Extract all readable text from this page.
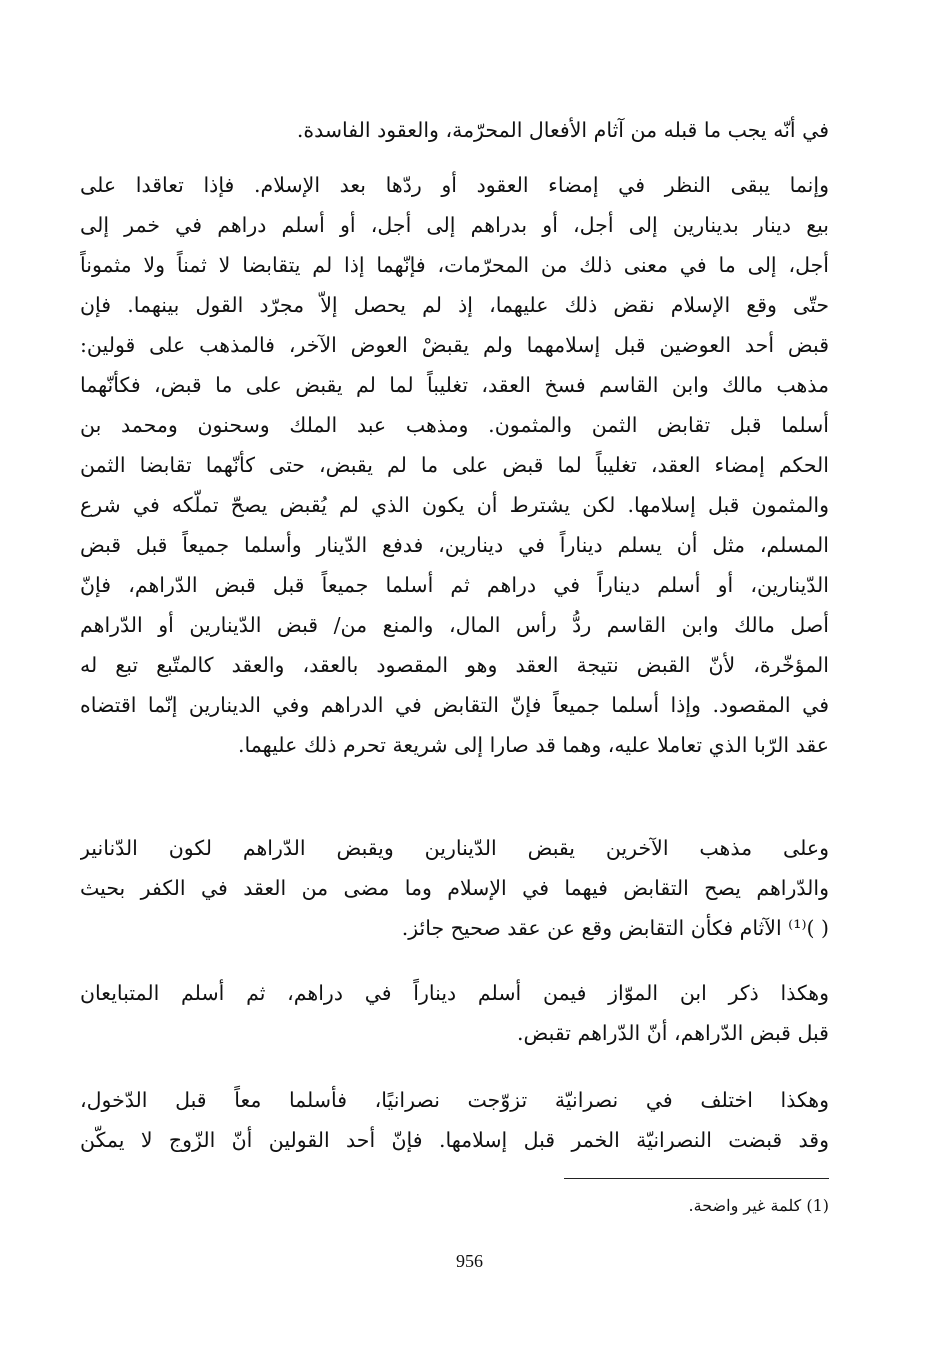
في أنّه يجب ما قبله من آثام الأفعال المحرّمة، والعقود الفاسدة.
وإنما يبقى النظر في إمضاء العقود أو ردّها بعد الإسلام. فإذا تعاقدا على
بيع دينار بدينارين إلى أجل، أو بدراهم إلى أجل، أو أسلم دراهم في خمر إلى
أجل، إلى ما في معنى ذلك من المحرّمات، فإنّهما إذا لم يتقابضا لا ثمناً ولا مثموناً
حتّى وقع الإسلام نقض ذلك عليهما، إذ لم يحصل إلاّ مجرّد القول بينهما. فإن
قبض أحد العوضين قبل إسلامهما ولم يقبضْ العوض الآخر، فالمذهب على قولين:
مذهب مالك وابن القاسم فسخ العقد، تغليباً لما لم يقبض على ما قبض، فكأنّهما
أسلما قبل تقابض الثمن والمثمون. ومذهب عبد الملك وسحنون ومحمد بن
الحكم إمضاء العقد، تغليباً لما قبض على ما لم يقبض، حتى كأنّهما تقابضا الثمن
والمثمون قبل إسلامها. لكن يشترط أن يكون الذي لم يُقبض يصحّ تملّكه في شرع
المسلم، مثل أن يسلم ديناراً في دينارين، فدفع الدّينار وأسلما جميعاً قبل قبض
الدّينارين، أو أسلم ديناراً في دراهم ثم أسلما جميعاً قبل قبض الدّراهم، فإنّ
أصل مالك وابن القاسم ردُّ رأس المال، والمنع من/ قبض الدّينارين أو الدّراهم
المؤخّرة، لأنّ القبض نتيجة العقد وهو المقصود بالعقد، والعقد كالمتّبع تبع له
في المقصود. وإذا أسلما جميعاً فإنّ التقابض في الدراهم وفي الدينارين إنّما اقتضاه
عقد الرّبا الذي تعاملا عليه، وهما قد صارا إلى شريعة تحرم ذلك عليهما.
وعلى مذهب الآخرين يقبض الدّينارين ويقبض الدّراهم لكون الدّنانير
والدّراهم يصح التقابض فيهما في الإسلام وما مضى من العقد في الكفر بحيث
( )⁽¹⁾ الآثام فكأن التقابض وقع عن عقد صحيح جائز.
وهكذا ذكر ابن الموّاز فيمن أسلم ديناراً في دراهم، ثم أسلم المتبايعان
قبل قبض الدّراهم، أنّ الدّراهم تقبض.
وهكذا اختلف في نصرانيّة تزوّجت نصرانيًا، فأسلما معاً قبل الدّخول،
وقد قبضت النصرانيّة الخمر قبل إسلامها. فإنّ أحد القولين أنّ الزّوج لا يمكّن
(1) كلمة غير واضحة.
956
